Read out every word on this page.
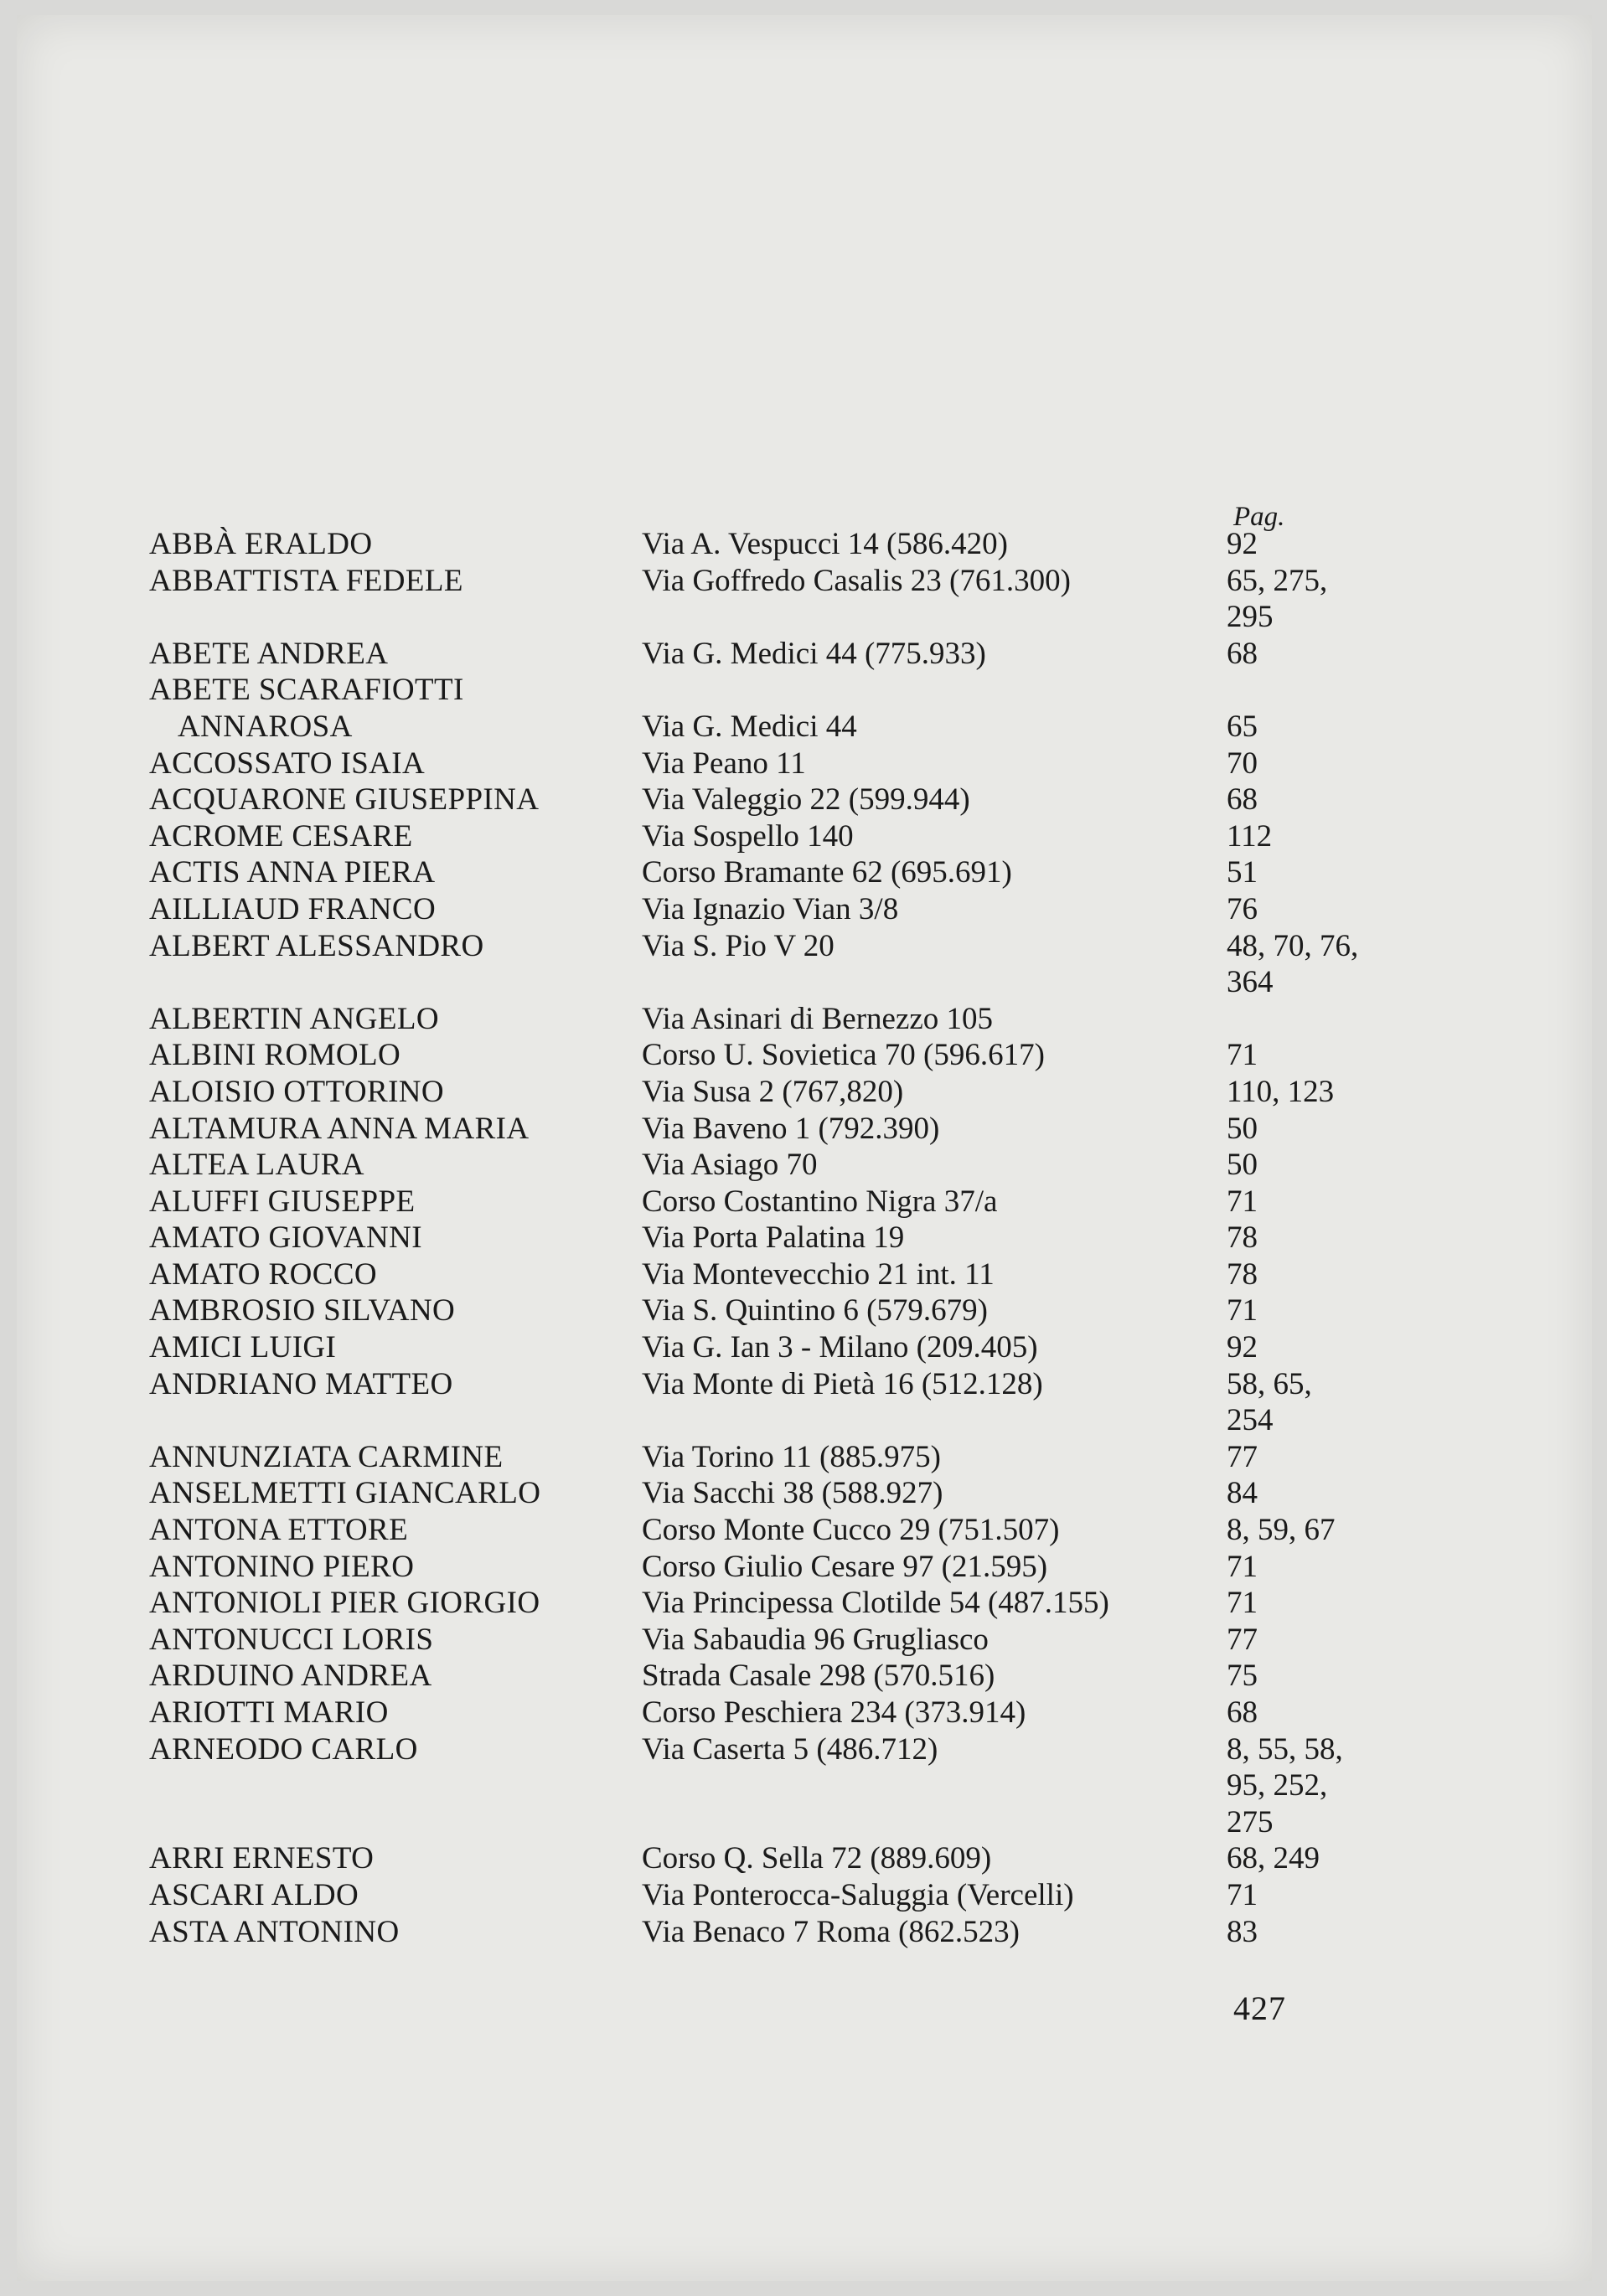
Pag.
ABBÀ ERALDO	Via A. Vespucci 14 (586.420)	92
ABBATTISTA FEDELE	Via Goffredo Casalis 23 (761.300)	65, 275,
295
ABETE ANDREA	Via G. Medici 44 (775.933)	68
ABETE SCARAFIOTTI
ANNAROSA	Via G. Medici 44	65
ACCOSSATO ISAIA	Via Peano 11	70
ACQUARONE GIUSEPPINA	Via Valeggio 22 (599.944)	68
ACROME CESARE	Via Sospello 140	112
ACTIS ANNA PIERA	Corso Bramante 62 (695.691)	51
AILLIAUD FRANCO	Via Ignazio Vian 3/8	76
ALBERT ALESSANDRO	Via S. Pio V 20	48, 70, 76,
364
ALBERTIN ANGELO	Via Asinari di Bernezzo 105
ALBINI ROMOLO	Corso U. Sovietica 70 (596.617)	71
ALOISIO OTTORINO	Via Susa 2 (767,820)	110, 123
ALTAMURA ANNA MARIA	Via Baveno 1 (792.390)	50
ALTEA LAURA	Via Asiago 70	50
ALUFFI GIUSEPPE	Corso Costantino Nigra 37/a	71
AMATO GIOVANNI	Via Porta Palatina 19	78
AMATO ROCCO	Via Montevecchio 21 int. 11	78
AMBROSIO SILVANO	Via S. Quintino 6 (579.679)	71
AMICI LUIGI	Via G. Ian 3 - Milano (209.405)	92
ANDRIANO MATTEO	Via Monte di Pietà 16 (512.128)	58, 65,
254
ANNUNZIATA CARMINE	Via Torino 11 (885.975)	77
ANSELMETTI GIANCARLO	Via Sacchi 38 (588.927)	84
ANTONA ETTORE	Corso Monte Cucco 29 (751.507)	8, 59, 67
ANTONINO PIERO	Corso Giulio Cesare 97 (21.595)	71
ANTONIOLI PIER GIORGIO	Via Principessa Clotilde 54 (487.155)	71
ANTONUCCI LORIS	Via Sabaudia 96 Grugliasco	77
ARDUINO ANDREA	Strada Casale 298 (570.516)	75
ARIOTTI MARIO	Corso Peschiera 234 (373.914)	68
ARNEODO CARLO	Via Caserta 5 (486.712)	8, 55, 58,
95, 252,
275
ARRI ERNESTO	Corso Q. Sella 72 (889.609)	68, 249
ASCARI ALDO	Via Ponterocca-Saluggia (Vercelli)	71
ASTA ANTONINO	Via Benaco 7 Roma (862.523)	83
427
